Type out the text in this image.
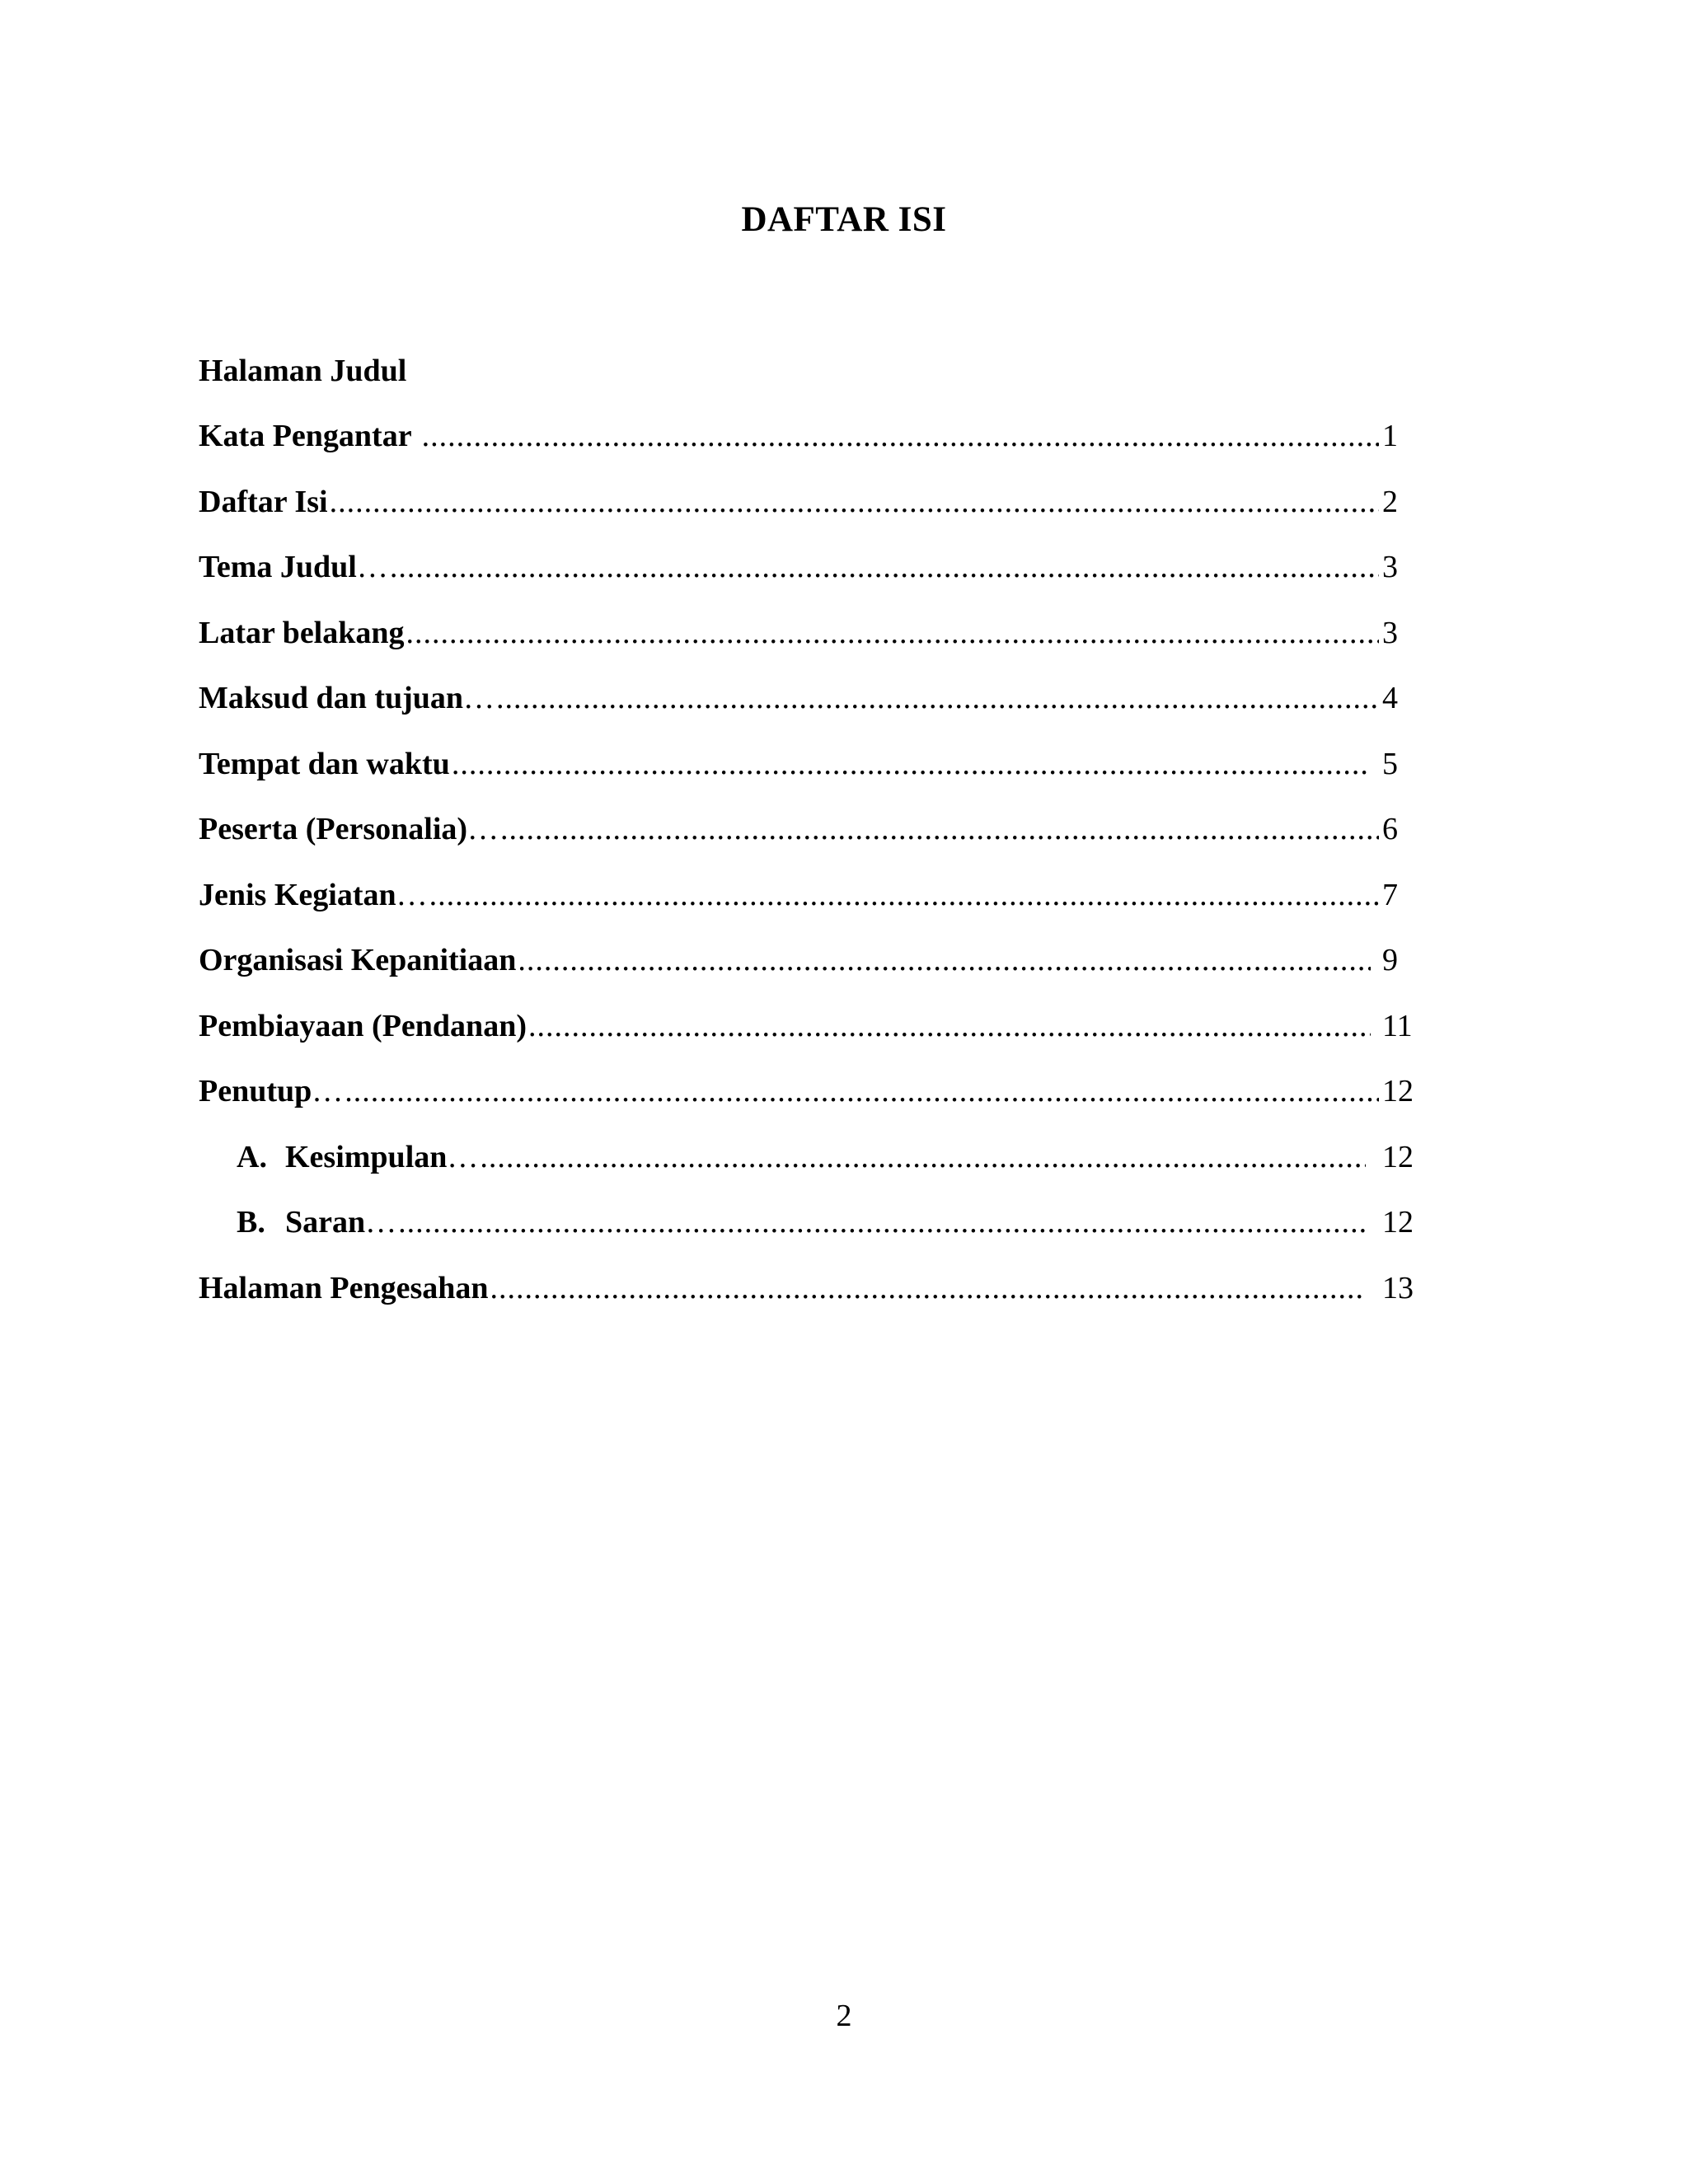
DAFTAR ISI
Halaman Judul
Kata Pengantar .....	1
Daftar Isi .....	2
Tema Judul … .....	3
Latar belakang .....	3
Maksud dan tujuan … .....	4
Tempat dan waktu .....	5
Peserta (Personalia) … .....	6
Jenis Kegiatan … .....	7
Organisasi Kepanitiaan .....	9
Pembiayaan (Pendanan) .....	11
Penutup … .....	12
A. Kesimpulan … .....	12
B. Saran … .....	12
Halaman Pengesahan .....	13
2
